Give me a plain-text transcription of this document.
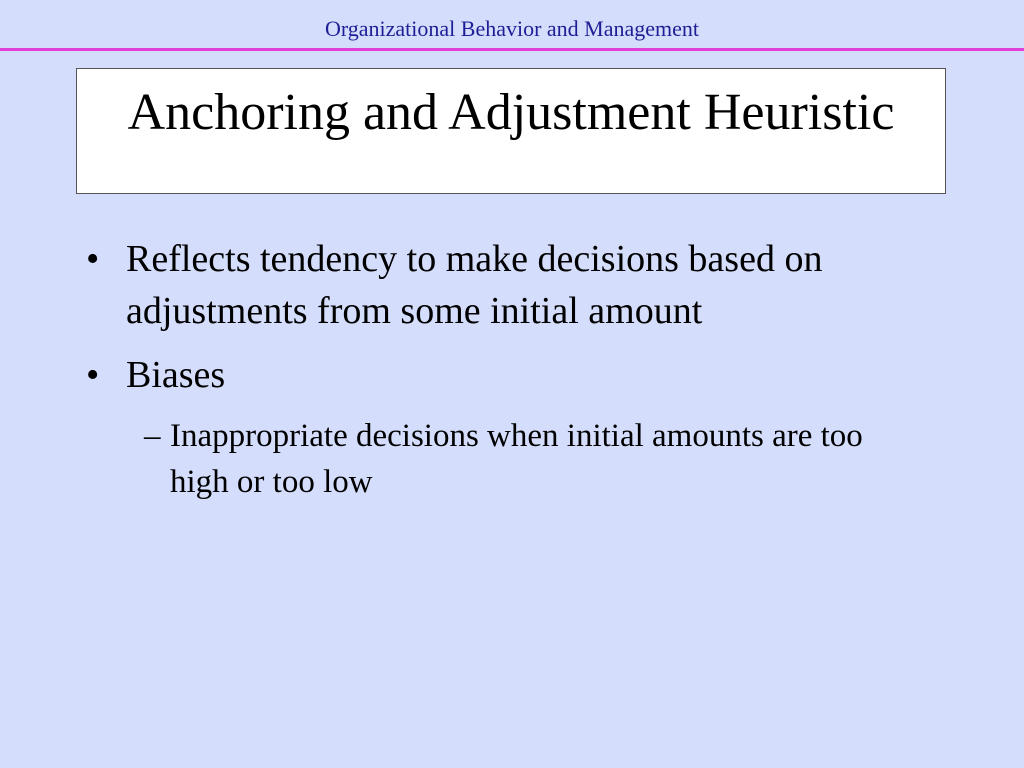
Organizational Behavior and Management
Anchoring and Adjustment Heuristic
• Reflects tendency to make decisions based on adjustments from some initial amount
• Biases
– Inappropriate decisions when initial amounts are too high or too low
